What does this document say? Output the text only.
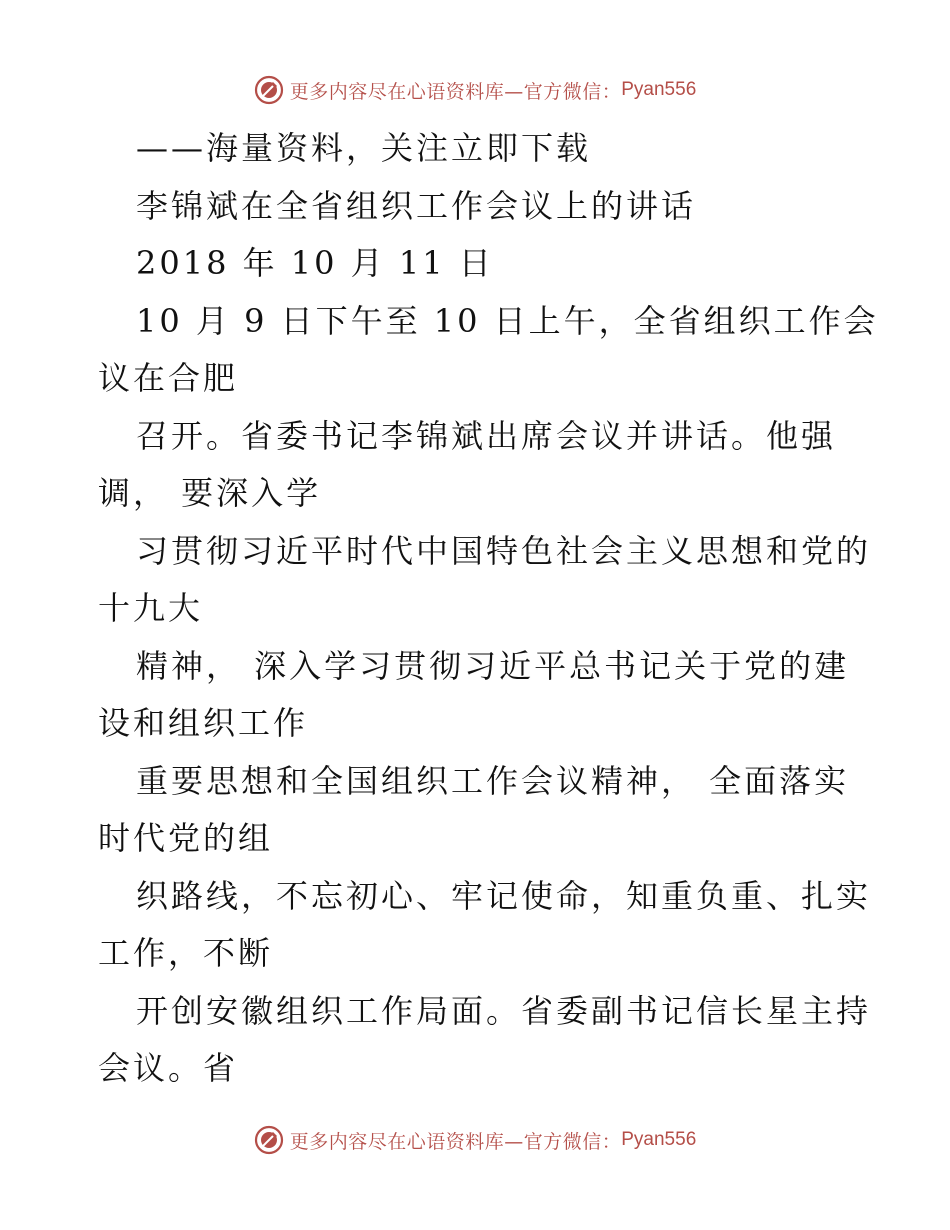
更多内容尽在心语资料库—官方微信： Pyan556
——海量资料，关注立即下载
李锦斌在全省组织工作会议上的讲话
2018 年 10 月 11 日
10 月 9 日下午至 10 日上午，全省组织工作会
议在合肥
召开。省委书记李锦斌出席会议并讲话。他强
调， 要深入学
习贯彻习近平时代中国特色社会主义思想和党的
十九大
精神， 深入学习贯彻习近平总书记关于党的建
设和组织工作
重要思想和全国组织工作会议精神， 全面落实
时代党的组
织路线，不忘初心、牢记使命，知重负重、扎实
工作，不断
开创安徽组织工作局面。省委副书记信长星主持
会议。省
更多内容尽在心语资料库—官方微信： Pyan556
